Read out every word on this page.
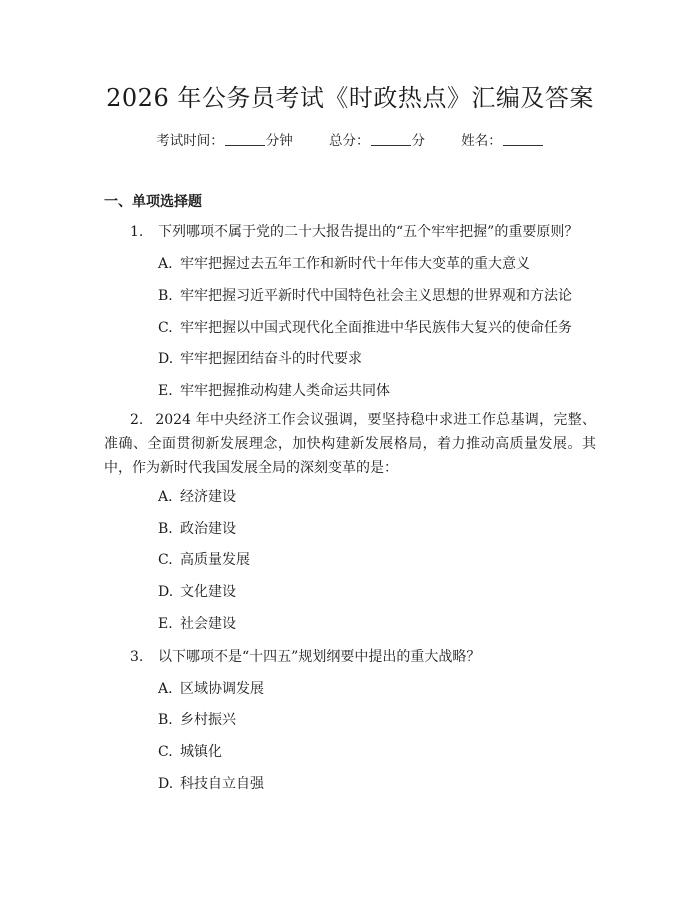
2026 年公务员考试《时政热点》汇编及答案
考试时间：	分钟	总分：	分	姓名：
一、单项选择题
1. 下列哪项不属于党的二十大报告提出的“五个牢牢把握”的重要原则？
A. 牢牢把握过去五年工作和新时代十年伟大变革的重大意义
B. 牢牢把握习近平新时代中国特色社会主义思想的世界观和方法论
C. 牢牢把握以中国式现代化全面推进中华民族伟大复兴的使命任务
D. 牢牢把握团结奋斗的时代要求
E. 牢牢把握推动构建人类命运共同体
2. 2024 年中央经济工作会议强调，要坚持稳中求进工作总基调，完整、准确、全面贯彻新发展理念，加快构建新发展格局，着力推动高质量发展。其中，作为新时代我国发展全局的深刻变革的是：
A. 经济建设
B. 政治建设
C. 高质量发展
D. 文化建设
E. 社会建设
3. 以下哪项不是“十四五”规划纲要中提出的重大战略？
A. 区域协调发展
B. 乡村振兴
C. 城镇化
D. 科技自立自强
